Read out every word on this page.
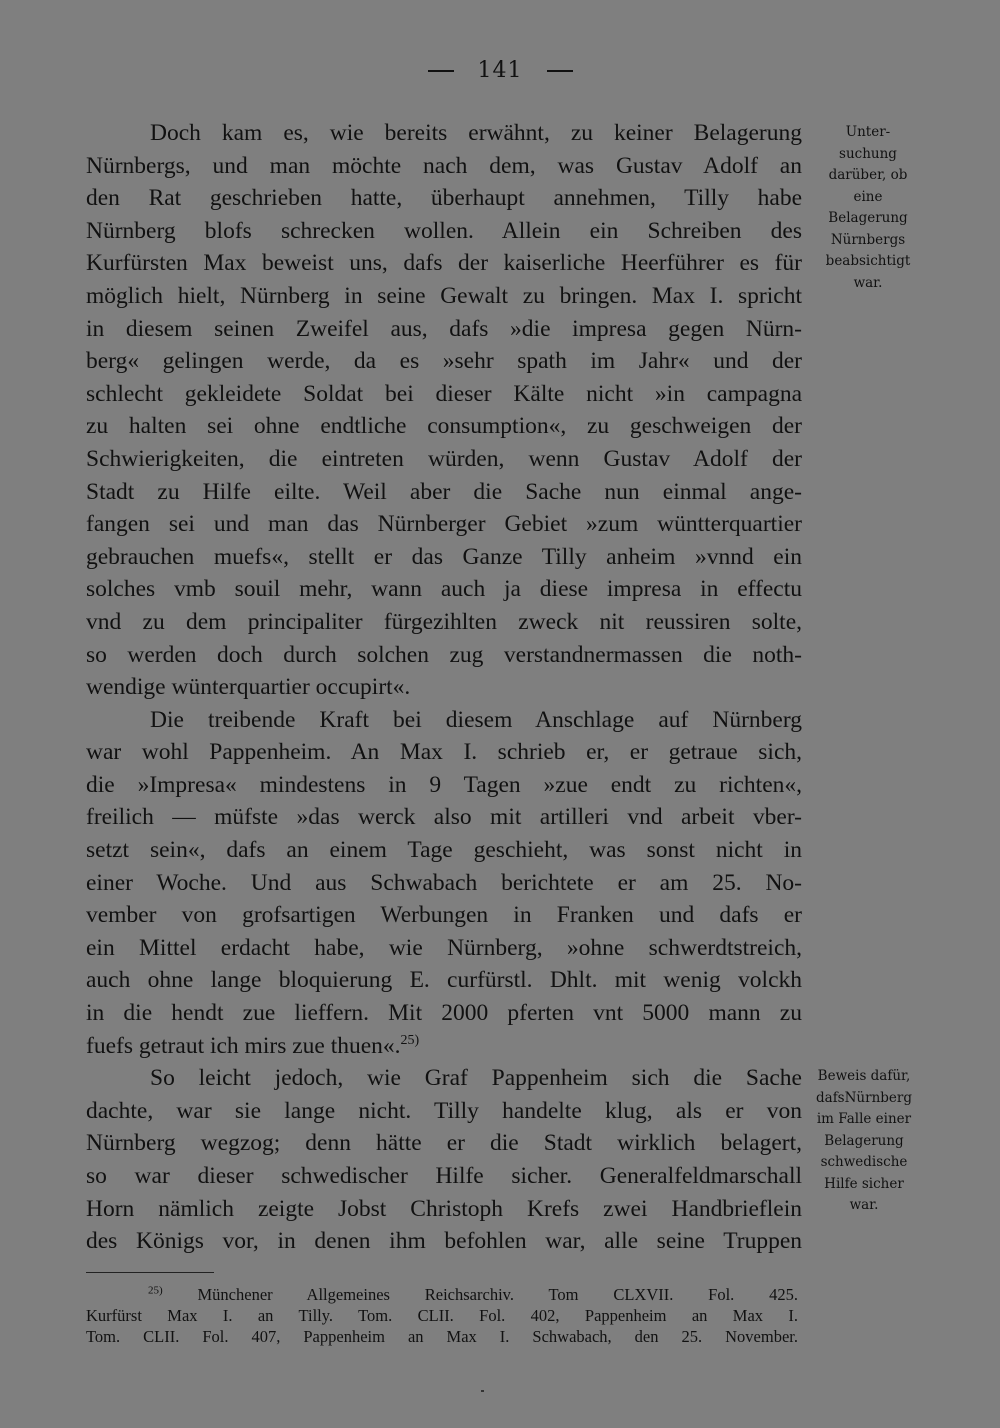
141
Doch kam es, wie bereits erwähnt, zu keiner Belagerung
Nürnbergs, und man möchte nach dem, was Gustav Adolf an
den Rat geschrieben hatte, überhaupt annehmen, Tilly habe
Nürnberg blofs schrecken wollen. Allein ein Schreiben des
Kurfürsten Max beweist uns, dafs der kaiserliche Heerführer es für
möglich hielt, Nürnberg in seine Gewalt zu bringen. Max I. spricht
in diesem seinen Zweifel aus, dafs »die impresa gegen Nürn-
berg« gelingen werde, da es »sehr spath im Jahr« und der
schlecht gekleidete Soldat bei dieser Kälte nicht »in campagna
zu halten sei ohne endtliche consumption«, zu geschweigen der
Schwierigkeiten, die eintreten würden, wenn Gustav Adolf der
Stadt zu Hilfe eilte. Weil aber die Sache nun einmal ange-
fangen sei und man das Nürnberger Gebiet »zum wüntterquartier
gebrauchen muefs«, stellt er das Ganze Tilly anheim »vnnd ein
solches vmb souil mehr, wann auch ja diese impresa in effectu
vnd zu dem principaliter fürgezihlten zweck nit reussiren solte,
so werden doch durch solchen zug verstandnermassen die noth-
wendige wünterquartier occupirt«.
Die treibende Kraft bei diesem Anschlage auf Nürnberg
war wohl Pappenheim. An Max I. schrieb er, er getraue sich,
die »Impresa« mindestens in 9 Tagen »zue endt zu richten«,
freilich — müfste »das werck also mit artilleri vnd arbeit vber-
setzt sein«, dafs an einem Tage geschieht, was sonst nicht in
einer Woche. Und aus Schwabach berichtete er am 25. No-
vember von grofsartigen Werbungen in Franken und dafs er
ein Mittel erdacht habe, wie Nürnberg, »ohne schwerdtstreich,
auch ohne lange bloquierung E. curfürstl. Dhlt. mit wenig volckh
in die hendt zue lieffern. Mit 2000 pferten vnt 5000 mann zu
fuefs getraut ich mirs zue thuen«.$^{25)}$
So leicht jedoch, wie Graf Pappenheim sich die Sache
dachte, war sie lange nicht. Tilly handelte klug, als er von
Nürnberg wegzog; denn hätte er die Stadt wirklich belagert,
so war dieser schwedischer Hilfe sicher. Generalfeldmarschall
Horn nämlich zeigte Jobst Christoph Krefs zwei Handbrieflein
des Königs vor, in denen ihm befohlen war, alle seine Truppen
Unter-
suchung
darüber, ob
eine
Belagerung
Nürnbergs
beabsichtigt
war.
Beweis dafür,
dafsNürnberg
im Falle einer
Belagerung
schwedische
Hilfe sicher
war.
$^{25)}$ Münchener Allgemeines Reichsarchiv. Tom CLXVII. Fol. 425.
Kurfürst Max I. an Tilly. Tom. CLII. Fol. 402, Pappenheim an Max I.
Tom. CLII. Fol. 407, Pappenheim an Max I. Schwabach, den 25. November.
